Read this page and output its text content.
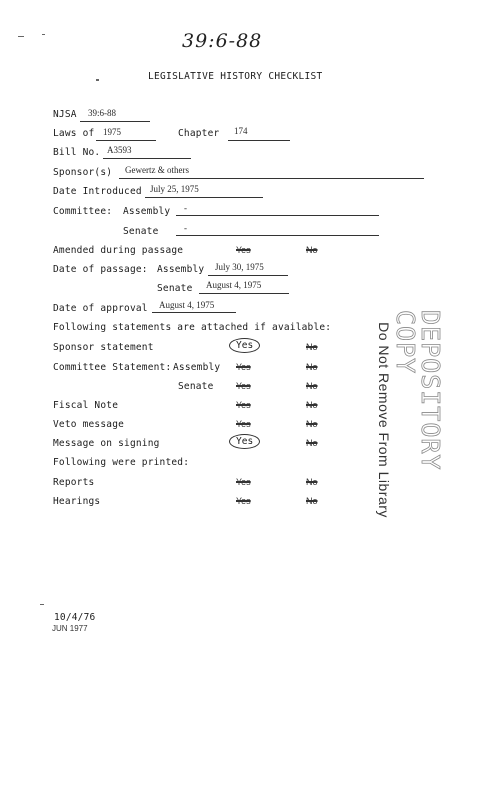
39:6-88
LEGISLATIVE HISTORY CHECKLIST
NJSA 39:6-88
Laws of 1975	Chapter 174
Bill No. A3593
Sponsor(s) Gewertz & others
Date Introduced July 25, 1975
Committee: Assembly -
Senate	-
Amended during passage	Yes	No
Date of passage: Assembly July 30, 1975
Senate August 4, 1975
Date of approval August 4, 1975
Following statements are attached if available:
Sponsor statement	Yes	No
Committee Statement: Assembly Yes	No
Senate Yes	No
Fiscal Note	Yes	No
Veto message	Yes	No
Message on signing	Yes	No
Following were printed:
Reports	Yes	No
Hearings	Yes	No
10/4/76
JUN 1977
DEPOSITORY COPY
Do Not Remove From Library
